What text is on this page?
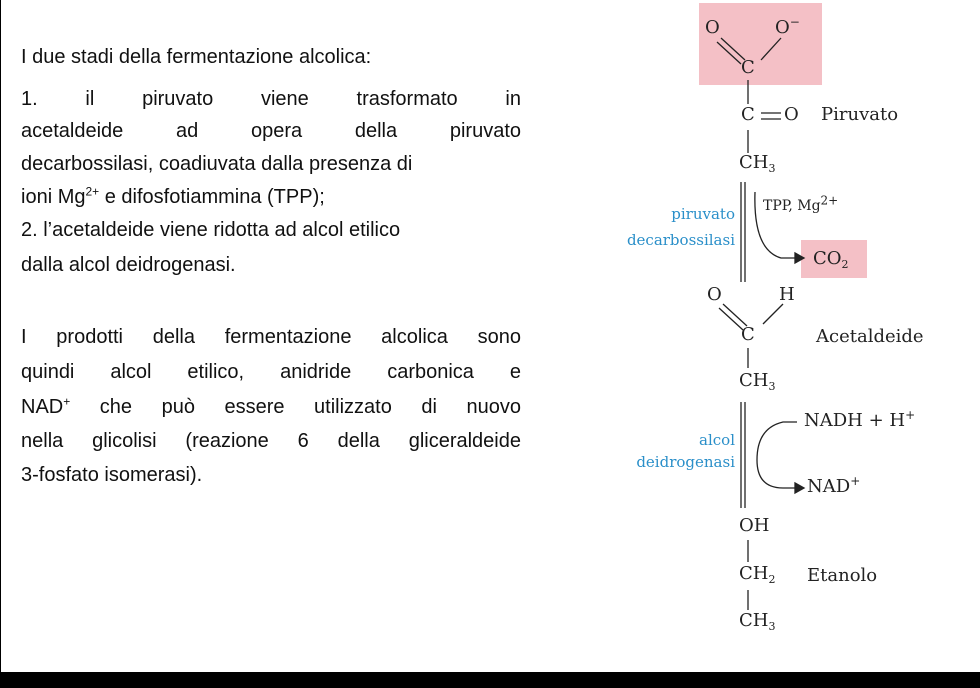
I due stadi della fermentazione alcolica:
1. il piruvato viene trasformato in
acetaldeide ad opera della piruvato
decarbossilasi, coadiuvata dalla presenza di
ioni $Mg^{2+}$ e difosfotiammina (TPP);
2. l’acetaldeide viene ridotta ad alcol etilico
dalla alcol deidrogenasi.
I prodotti della fermentazione alcolica sono
quindi alcol etilico, anidride carbonica e
NAD+ che può essere utilizzato di nuovo
nella glicolisi (reazione 6 della gliceraldeide
3-fosfato isomerasi).
O	O−
C
C O Piruvato
$CH_3$
piruvato
decarbossilasi
TPP, $Mg^{2+}$
$CO_2$
O	H
C	Acetaldeide
$CH_3$
alcol
deidrogenasi
NADH + H+
NAD+
OH
$CH_2$ Etanolo
$CH_3$
